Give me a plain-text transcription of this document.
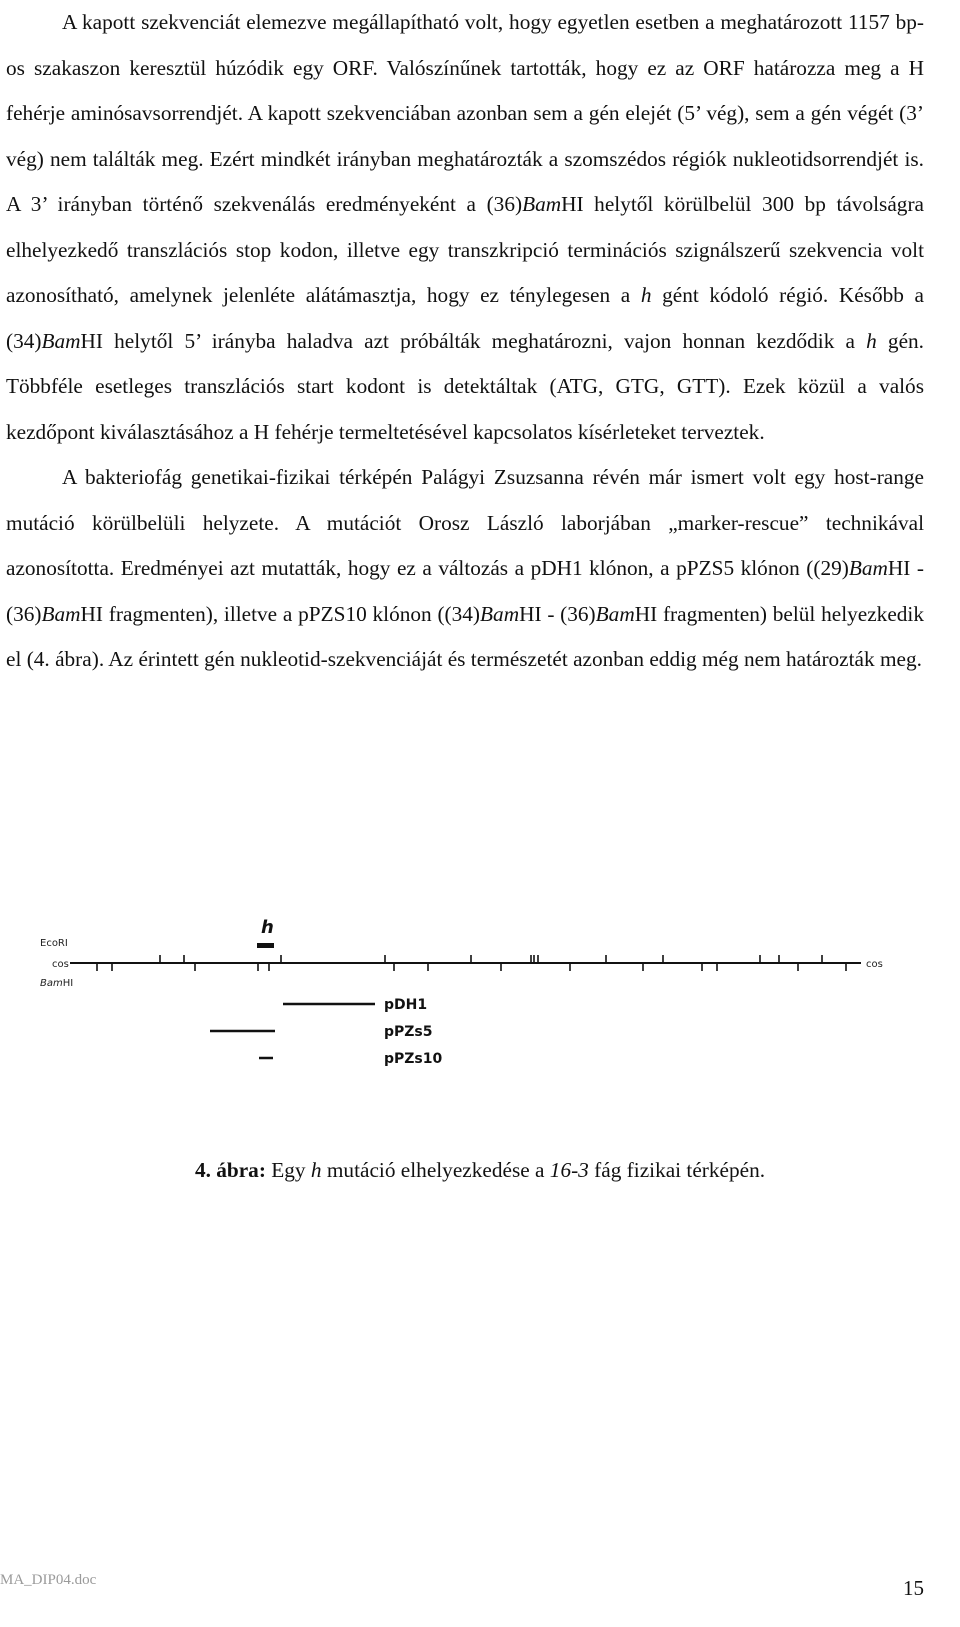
A kapott szekvenciát elemezve megállapítható volt, hogy egyetlen esetben a meghatározott 1157 bp-os szakaszon keresztül húzódik egy ORF. Valószínűnek tartották, hogy ez az ORF határozza meg a H fehérje aminósavsorrendjét. A kapott szekvenciában azonban sem a gén elejét (5’ vég), sem a gén végét (3’ vég) nem találták meg. Ezért mindkét irányban meghatározták a szomszédos régiók nukleotidsorrendjét is. A 3’ irányban történő szekvenálás eredményeként a (36)BamHI helytől körülbelül 300 bp távolságra elhelyezkedő transzlációs stop kodon, illetve egy transzkripció terminációs szignálszerű szekvencia volt azonosítható, amelynek jelenléte alátámasztja, hogy ez ténylegesen a h gént kódoló régió. Később a (34)BamHI helytől 5’ irányba haladva azt próbálták meghatározni, vajon honnan kezdődik a h gén. Többféle esetleges transzlációs start kodont is detektáltak (ATG, GTG, GTT). Ezek közül a valós kezdőpont kiválasztásához a H fehérje termeltetésével kapcsolatos kísérleteket terveztek.

A bakteriofág genetikai-fizikai térképén Palágyi Zsuzsanna révén már ismert volt egy host-range mutáció körülbelüli helyzete. A mutációt Orosz László laborjában „marker-rescue” technikával azonosította. Eredményei azt mutatták, hogy ez a változás a pDH1 klónon, a pPZS5 klónon ((29)BamHI - (36)BamHI fragmenten), illetve a pPZS10 klónon ((34)BamHI - (36)BamHI fragmenten) belül helyezkedik el (4. ábra). Az érintett gén nukleotid-szekvenciáját és természetét azonban eddig még nem határozták meg.

h
EcoRI
cos
BamHI
cos
pDH1
pPZs5
pPZs10
4. ábra: Egy h mutáció elhelyezkedése a 16-3 fág fizikai térképén.
MA_DIP04.doc	15
